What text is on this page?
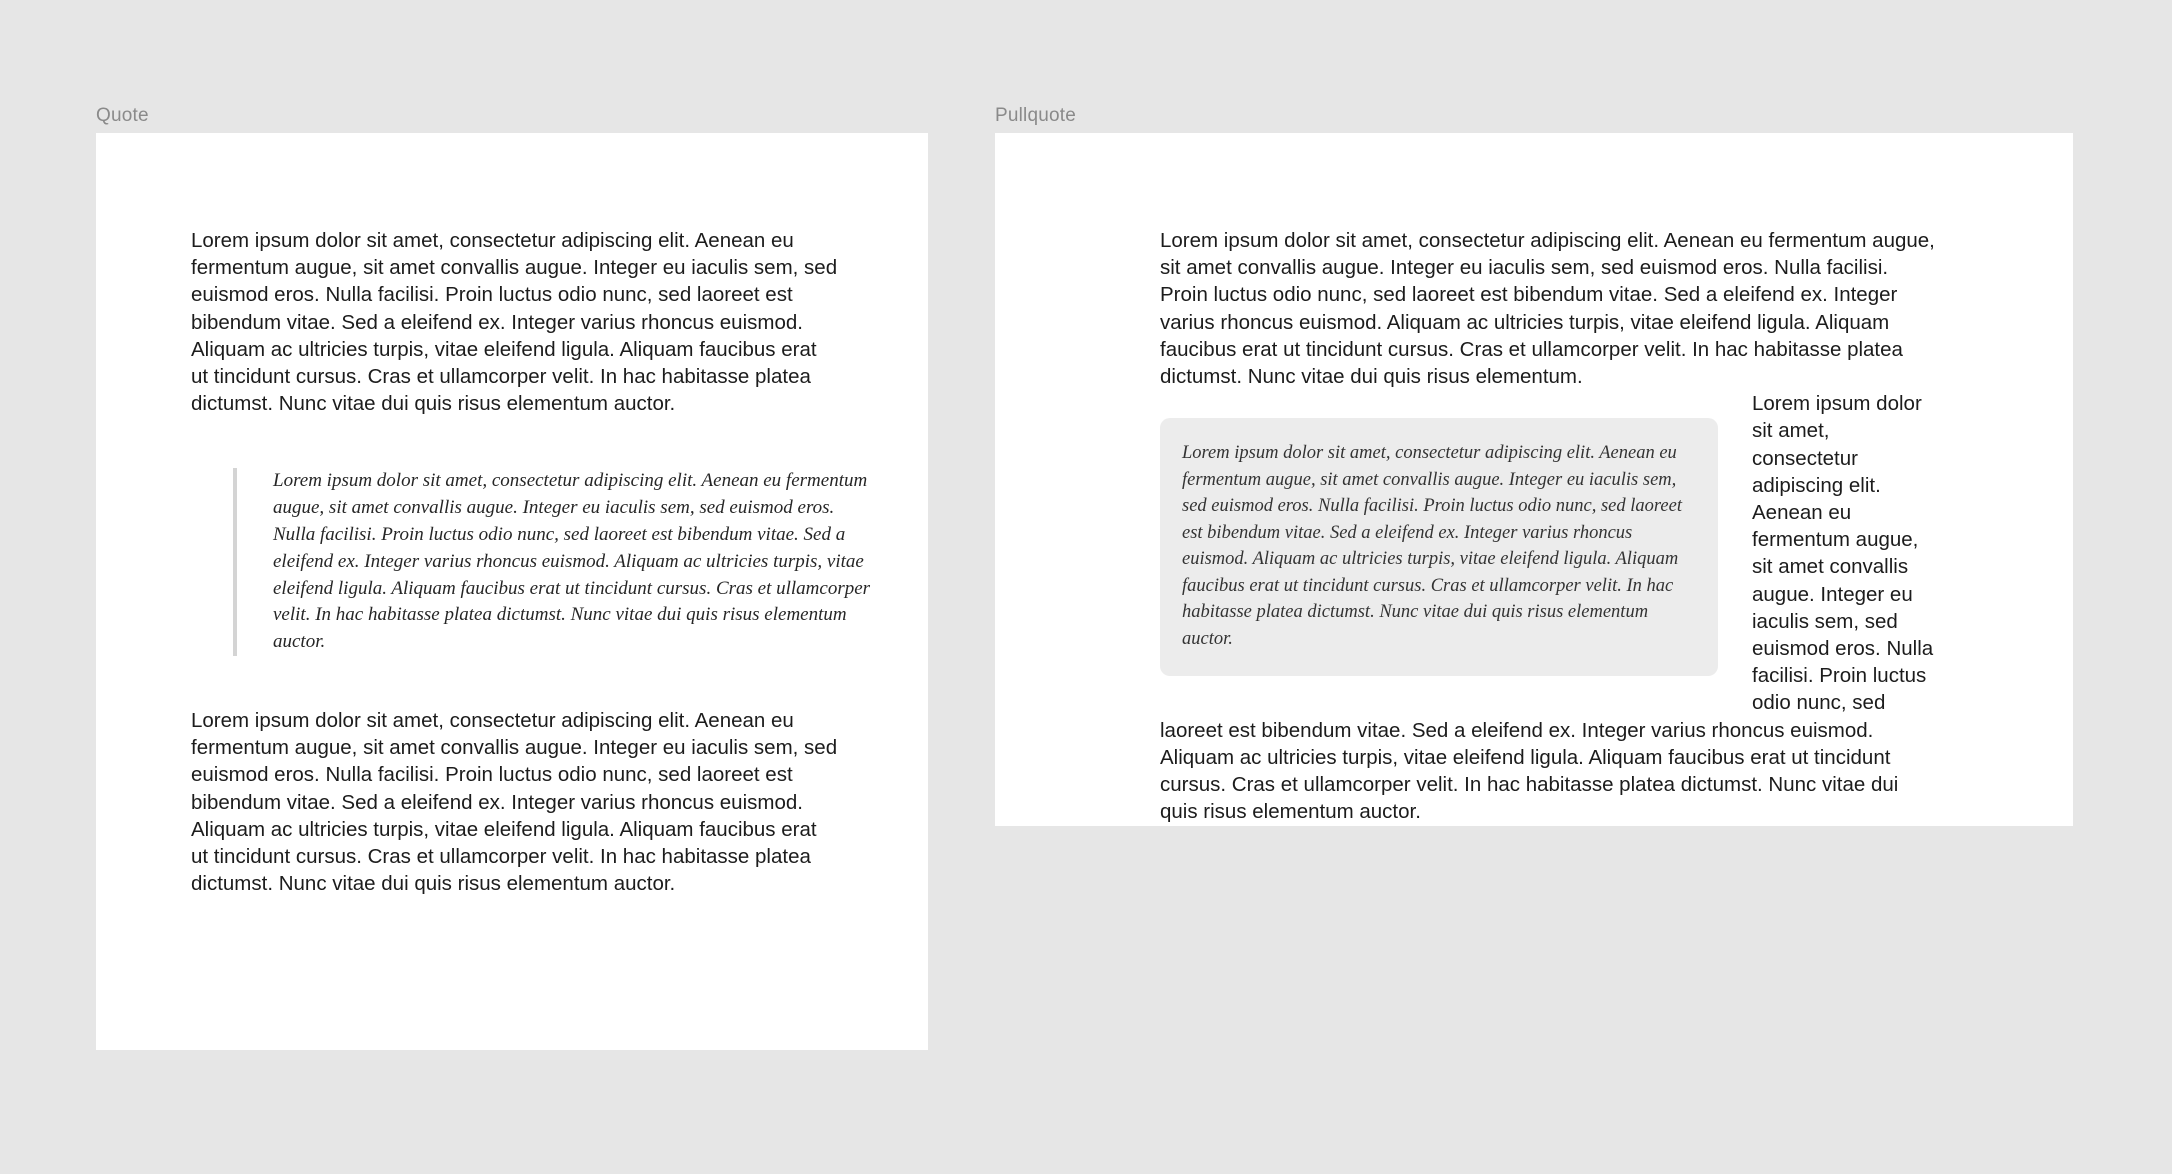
Quote

Lorem ipsum dolor sit amet, consectetur adipiscing elit. Aenean eu fermentum augue, sit amet convallis augue. Integer eu iaculis sem, sed euismod eros. Nulla facilisi. Proin luctus odio nunc, sed laoreet est bibendum vitae. Sed a eleifend ex. Integer varius rhoncus euismod. Aliquam ac ultricies turpis, vitae eleifend ligula. Aliquam faucibus erat ut tincidunt cursus. Cras et ullamcorper velit. In hac habitasse platea dictumst. Nunc vitae dui quis risus elementum auctor.

Lorem ipsum dolor sit amet, consectetur adipiscing elit. Aenean eu fermentum augue, sit amet convallis augue. Integer eu iaculis sem, sed euismod eros. Nulla facilisi. Proin luctus odio nunc, sed laoreet est bibendum vitae. Sed a eleifend ex. Integer varius rhoncus euismod. Aliquam ac ultricies turpis, vitae eleifend ligula. Aliquam faucibus erat ut tincidunt cursus. Cras et ullamcorper velit. In hac habitasse platea dictumst. Nunc vitae dui quis risus elementum auctor.

Lorem ipsum dolor sit amet, consectetur adipiscing elit. Aenean eu fermentum augue, sit amet convallis augue. Integer eu iaculis sem, sed euismod eros. Nulla facilisi. Proin luctus odio nunc, sed laoreet est bibendum vitae. Sed a eleifend ex. Integer varius rhoncus euismod. Aliquam ac ultricies turpis, vitae eleifend ligula. Aliquam faucibus erat ut tincidunt cursus. Cras et ullamcorper velit. In hac habitasse platea dictumst. Nunc vitae dui quis risus elementum auctor.

Pullquote

Lorem ipsum dolor sit amet, consectetur adipiscing elit. Aenean eu fermentum augue, sit amet convallis augue. Integer eu iaculis sem, sed euismod eros. Nulla facilisi. Proin luctus odio nunc, sed laoreet est bibendum vitae. Sed a eleifend ex. Integer varius rhoncus euismod. Aliquam ac ultricies turpis, vitae eleifend ligula. Aliquam faucibus erat ut tincidunt cursus. Cras et ullamcorper velit. In hac habitasse platea dictumst. Nunc vitae dui quis risus elementum.

Lorem ipsum dolor sit amet, consectetur adipiscing elit. Aenean eu fermentum augue, sit amet convallis augue. Integer eu iaculis sem, sed euismod eros. Nulla facilisi. Proin luctus odio nunc, sed laoreet est bibendum vitae. Sed a eleifend ex. Integer varius rhoncus euismod. Aliquam ac ultricies turpis, vitae eleifend ligula. Aliquam faucibus erat ut tincidunt cursus. Cras et ullamcorper velit. In hac habitasse platea dictumst. Nunc vitae dui quis risus elementum auctor.

Lorem ipsum dolor sit amet, consectetur adipiscing elit. Aenean eu fermentum augue, sit amet convallis augue. Integer eu iaculis sem, sed euismod eros. Nulla facilisi. Proin luctus odio nunc, sed laoreet est bibendum vitae. Sed a eleifend ex. Integer varius rhoncus euismod. Aliquam ac ultricies turpis, vitae eleifend ligula. Aliquam faucibus erat ut tincidunt cursus. Cras et ullamcorper velit. In hac habitasse platea dictumst. Nunc vitae dui quis risus elementum auctor.
